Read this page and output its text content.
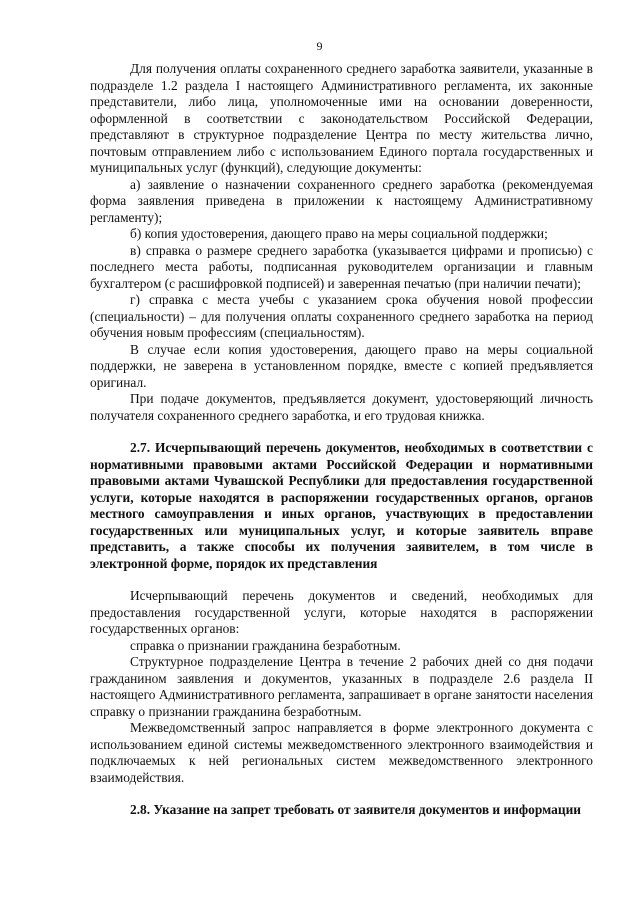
9

Для получения оплаты сохраненного среднего заработка заявители, указанные в подразделе 1.2 раздела I настоящего Административного регламента, их законные представители, либо лица, уполномоченные ими на основании доверенности, оформленной в соответствии с законодательством Российской Федерации, представляют в структурное подразделение Центра по месту жительства лично, почтовым отправлением либо с использованием Единого портала государственных и муниципальных услуг (функций), следующие документы:

а) заявление о назначении сохраненного среднего заработка (рекомендуемая форма заявления приведена в приложении к настоящему Административному регламенту);

б) копия удостоверения, дающего право на меры социальной поддержки;

в) справка о размере среднего заработка (указывается цифрами и прописью) с последнего места работы, подписанная руководителем организации и главным бухгалтером (с расшифровкой подписей) и заверенная печатью (при наличии печати);

г) справка с места учебы с указанием срока обучения новой профессии (специальности) – для получения оплаты сохраненного среднего заработка на период обучения новым профессиям (специальностям).

В случае если копия удостоверения, дающего право на меры социальной поддержки, не заверена в установленном порядке, вместе с копией предъявляется оригинал.

При подаче документов, предъявляется документ, удостоверяющий личность получателя сохраненного среднего заработка, и его трудовая книжка.

2.7. Исчерпывающий перечень документов, необходимых в соответствии с нормативными правовыми актами Российской Федерации и нормативными правовыми актами Чувашской Республики для предоставления государственной услуги, которые находятся в распоряжении государственных органов, органов местного самоуправления и иных органов, участвующих в предоставлении государственных или муниципальных услуг, и которые заявитель вправе представить, а также способы их получения заявителем, в том числе в электронной форме, порядок их представления

Исчерпывающий перечень документов и сведений, необходимых для предоставления государственной услуги, которые находятся в распоряжении государственных органов:

справка о признании гражданина безработным.

Структурное подразделение Центра в течение 2 рабочих дней со дня подачи гражданином заявления и документов, указанных в подразделе 2.6 раздела II настоящего Административного регламента, запрашивает в органе занятости населения справку о признании гражданина безработным.

Межведомственный запрос направляется в форме электронного документа с использованием единой системы межведомственного электронного взаимодействия и подключаемых к ней региональных систем межведомственного электронного взаимодействия.

2.8. Указание на запрет требовать от заявителя документов и информации
